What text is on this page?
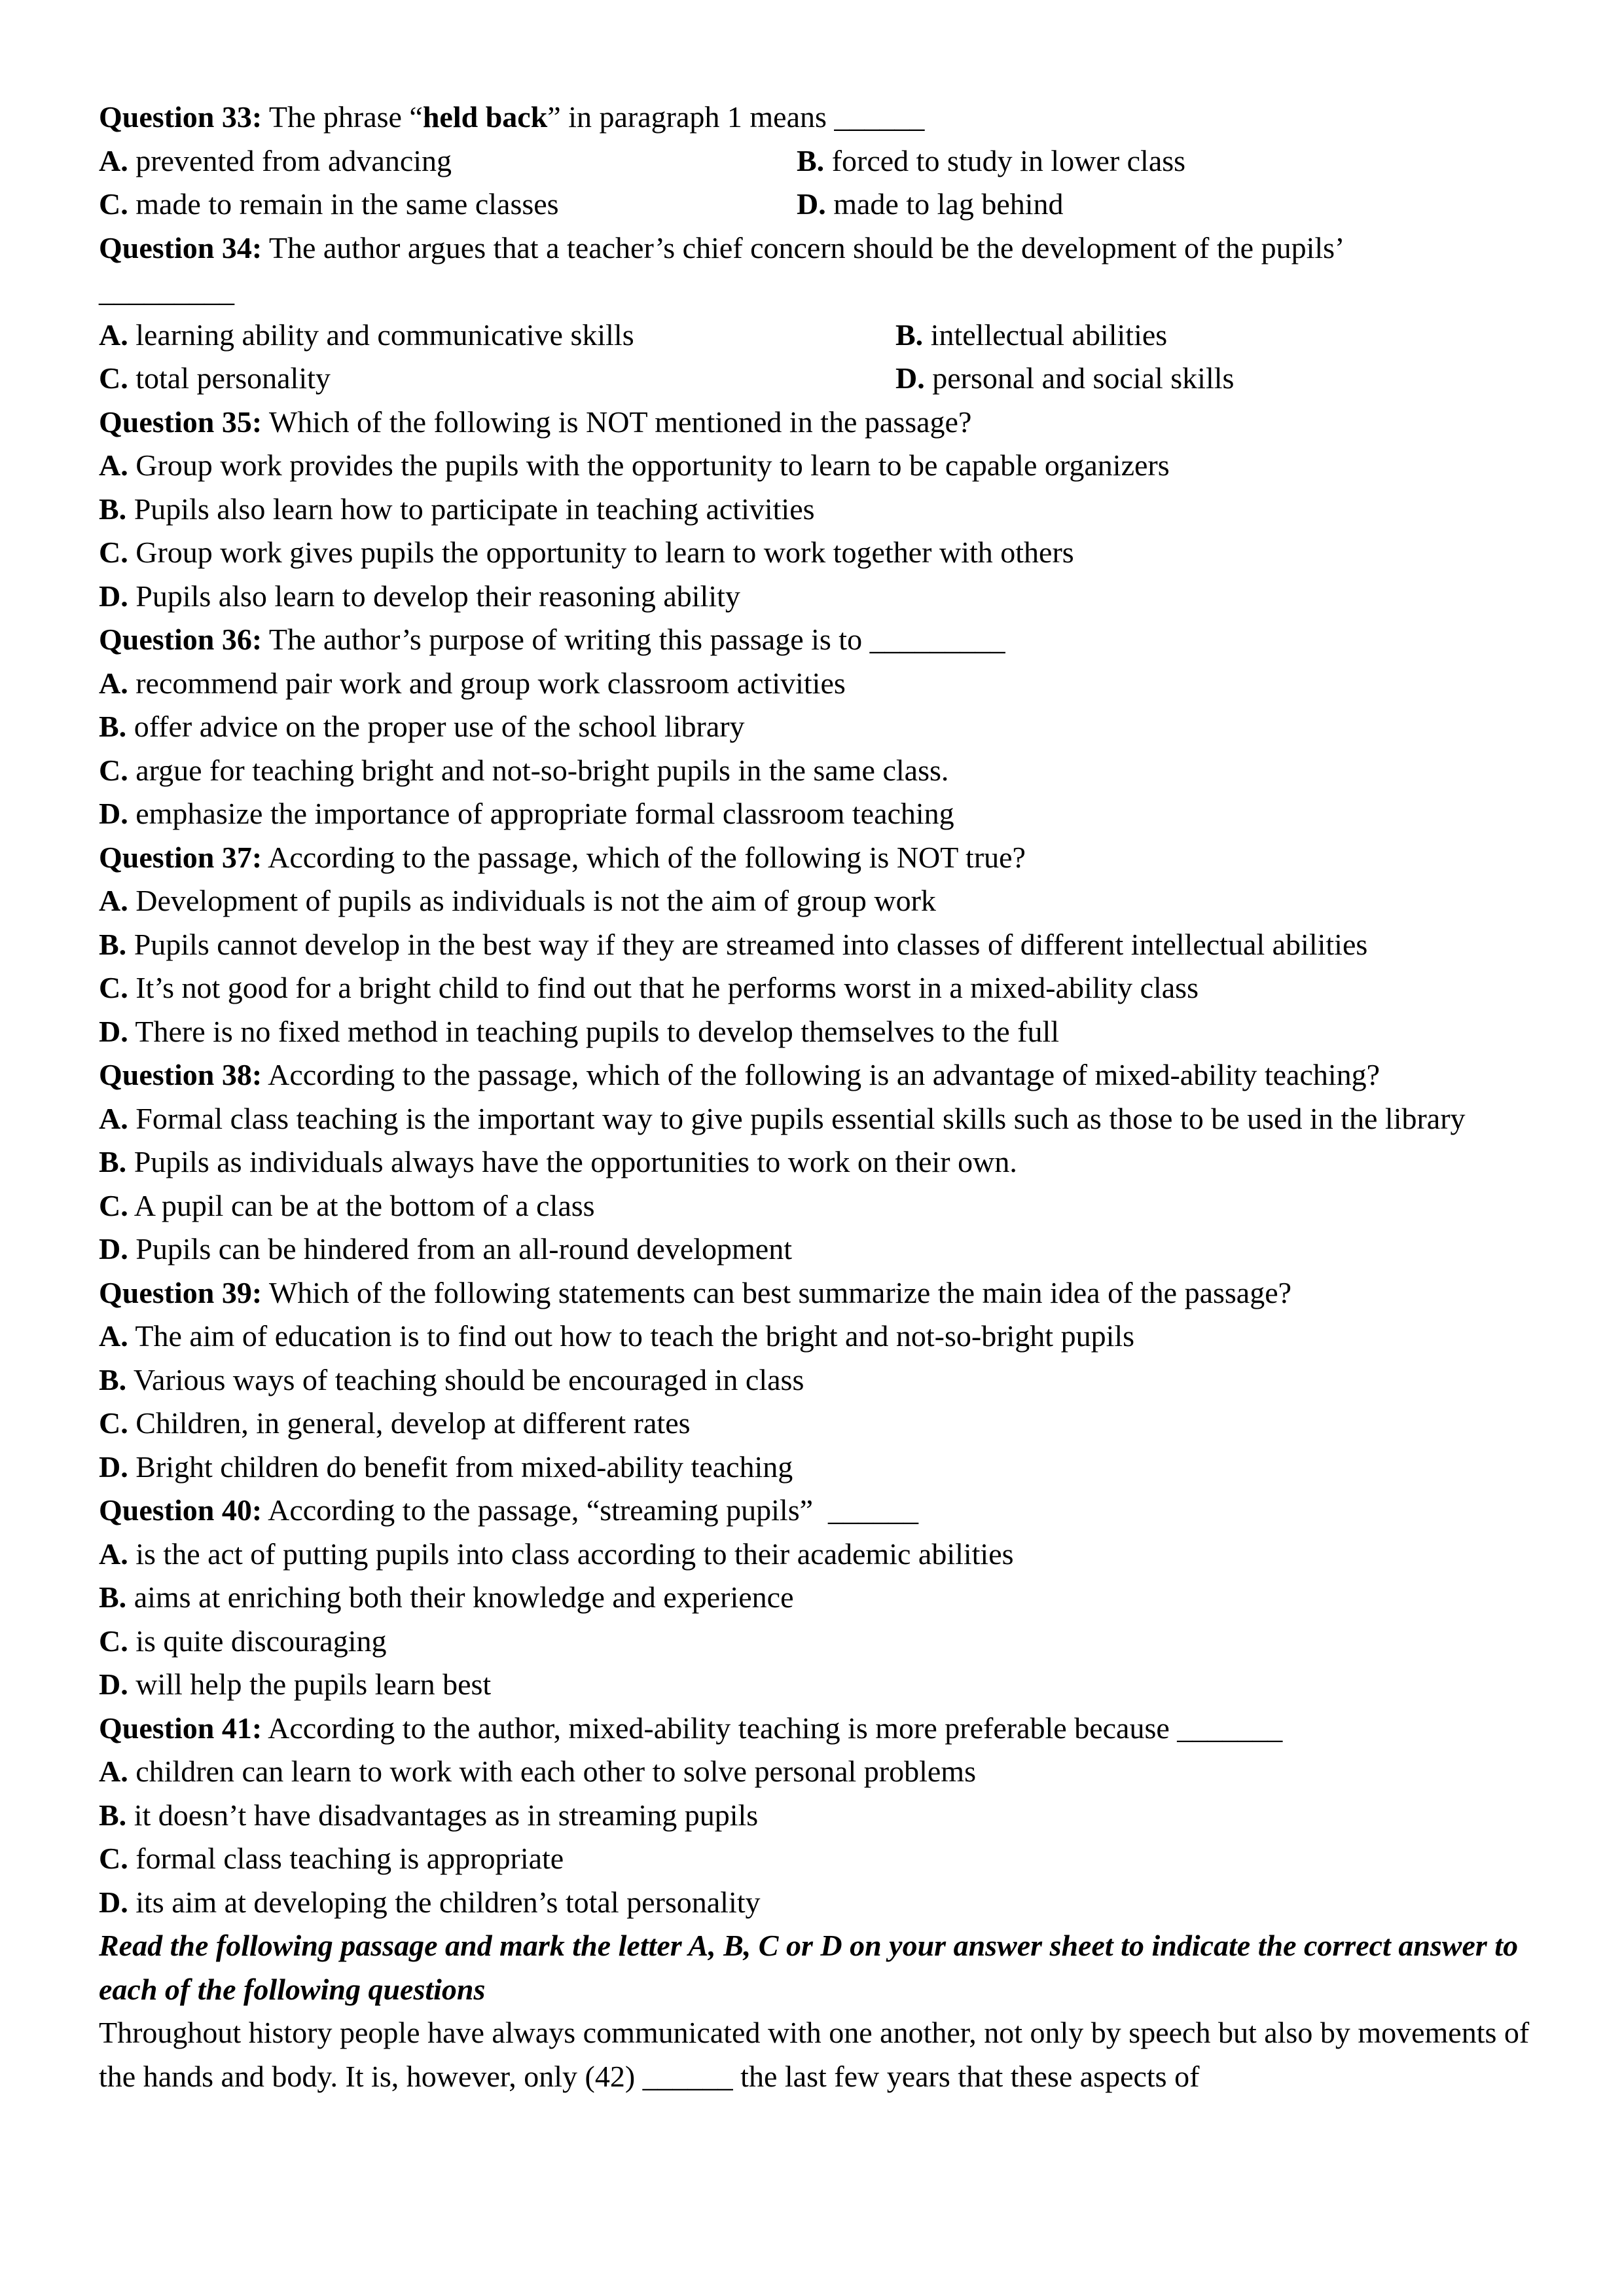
Question 33: The phrase “held back” in paragraph 1 means ______
A. prevented from advancing	B. forced to study in lower class
C. made to remain in the same classes	D. made to lag behind
Question 34: The author argues that a teacher’s chief concern should be the development of the pupils’
_________
A. learning ability and communicative skills	B. intellectual abilities
C. total personality	D. personal and social skills
Question 35: Which of the following is NOT mentioned in the passage?
A. Group work provides the pupils with the opportunity to learn to be capable organizers
B. Pupils also learn how to participate in teaching activities
C. Group work gives pupils the opportunity to learn to work together with others
D. Pupils also learn to develop their reasoning ability
Question 36: The author’s purpose of writing this passage is to _________
A. recommend pair work and group work classroom activities
B. offer advice on the proper use of the school library
C. argue for teaching bright and not-so-bright pupils in the same class.
D. emphasize the importance of appropriate formal classroom teaching
Question 37: According to the passage, which of the following is NOT true?
A. Development of pupils as individuals is not the aim of group work
B. Pupils cannot develop in the best way if they are streamed into classes of different intellectual abilities
C. It’s not good for a bright child to find out that he performs worst in a mixed-ability class
D. There is no fixed method in teaching pupils to develop themselves to the full
Question 38: According to the passage, which of the following is an advantage of mixed-ability teaching?
A. Formal class teaching is the important way to give pupils essential skills such as those to be used in the library
B. Pupils as individuals always have the opportunities to work on their own.
C. A pupil can be at the bottom of a class
D. Pupils can be hindered from an all-round development
Question 39: Which of the following statements can best summarize the main idea of the passage?
A. The aim of education is to find out how to teach the bright and not-so-bright pupils
B. Various ways of teaching should be encouraged in class
C. Children, in general, develop at different rates
D. Bright children do benefit from mixed-ability teaching
Question 40: According to the passage, “streaming pupils”  ______
A. is the act of putting pupils into class according to their academic abilities
B. aims at enriching both their knowledge and experience
C. is quite discouraging
D. will help the pupils learn best
Question 41: According to the author, mixed-ability teaching is more preferable because _______
A. children can learn to work with each other to solve personal problems
B. it doesn’t have disadvantages as in streaming pupils
C. formal class teaching is appropriate
D. its aim at developing the children’s total personality
Read the following passage and mark the letter A, B, C or D on your answer sheet to indicate the correct answer to each of the following questions
Throughout history people have always communicated with one another, not only by speech but also by movements of the hands and body. It is, however, only (42) ______ the last few years that these aspects of
